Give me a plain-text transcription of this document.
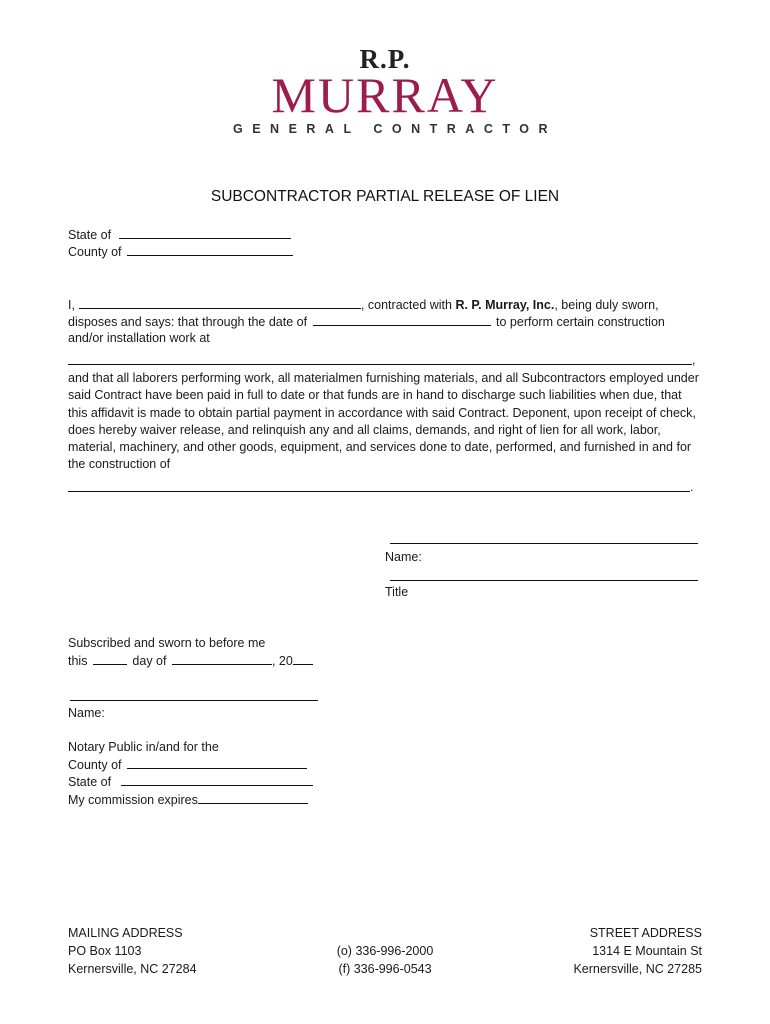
R.P.
MURRAY
GENERAL CONTRACTOR
SUBCONTRACTOR PARTIAL RELEASE OF LIEN
State of
County of
I,	, contracted with R. P. Murray, Inc., being duly sworn,
disposes and says: that through the date of	to perform certain construction
and/or installation work at
,
and that all laborers performing work, all materialmen furnishing materials, and all Subcontractors employed under said Contract have been paid in full to date or that funds are in hand to discharge such liabilities when due, that this affidavit is made to obtain partial payment in accordance with said Contract. Deponent, upon receipt of check, does hereby waiver release, and relinquish any and all claims, demands, and right of lien for all work, labor, material, machinery, and other goods, equipment, and services done to date, performed, and furnished in and for the construction of
.
Name:
Title
Subscribed and sworn to before me
this	day of	, 20
Name:
Notary Public in/and for the
County of
State of
My commission expires
MAILING ADDRESS
PO Box 1103
Kernersville, NC 27284
(o) 336-996-2000
(f) 336-996-0543
STREET ADDRESS
1314 E Mountain St
Kernersville, NC 27285
